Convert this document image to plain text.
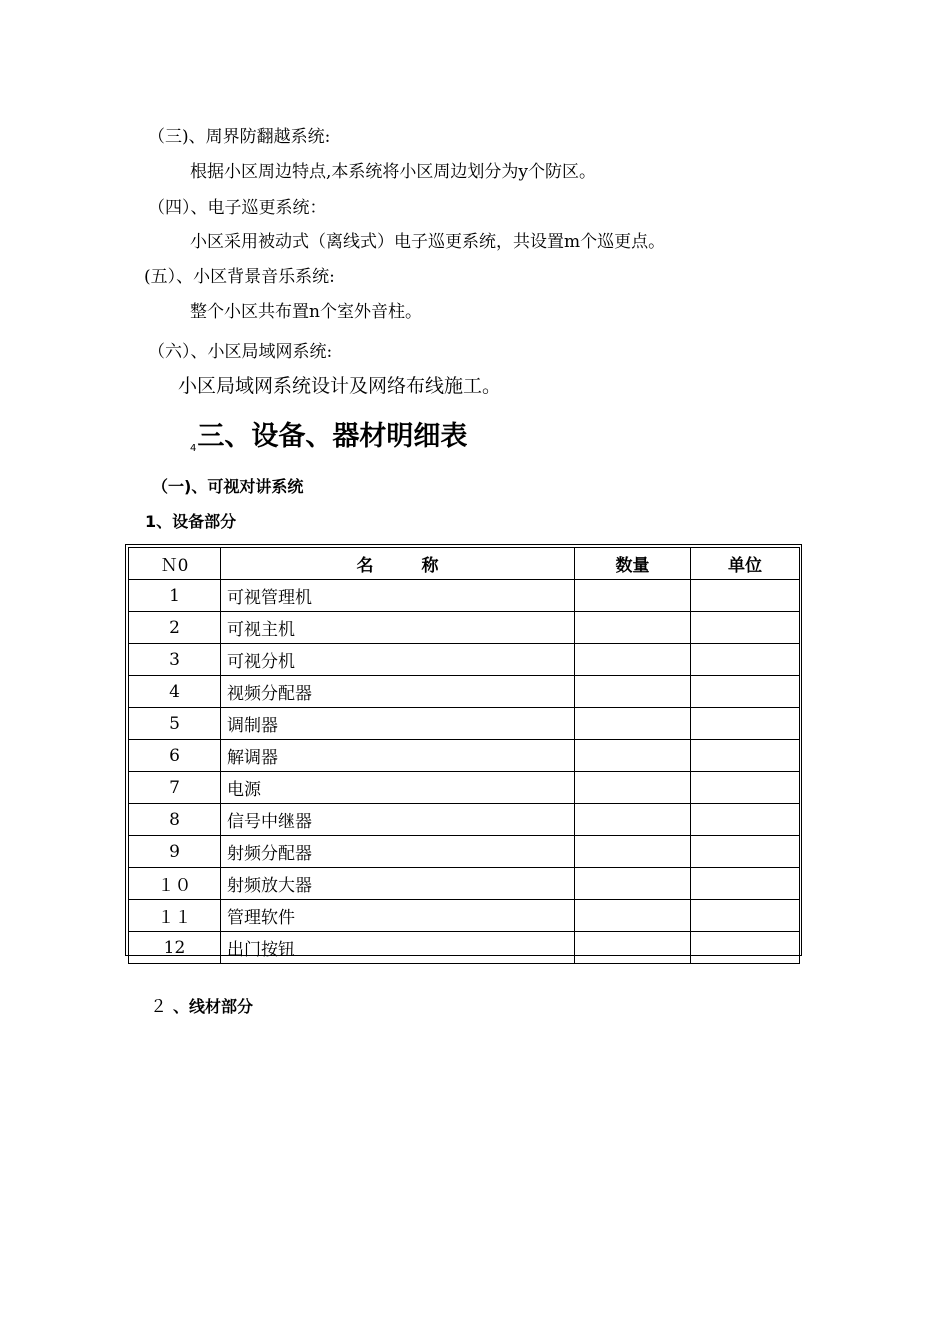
（三)、周界防翻越系统:
根据小区周边特点,本系统将小区周边划分为y个防区。
（四）、电子巡更系统：
小区采用被动式（离线式）电子巡更系统，共设置m个巡更点。
(五）、小区背景音乐系统:
整个小区共布置n个室外音柱。
（六）、小区局域网系统:
小区局域网系统设计及网络布线施工。
$_4$三、设备、器材明细表
（一)、可视对讲系统
1、设备部分
Ｎ0	名 称	数量	单位
1	可视管理机		
2	可视主机		
3	可视分机		
4	视频分配器		
5	调制器		
6	解调器		
7	电源		
8	信号中继器		
9	射频分配器		
１０	射频放大器		
１１	管理软件		
12	出门按钮		
２ 、线材部分
